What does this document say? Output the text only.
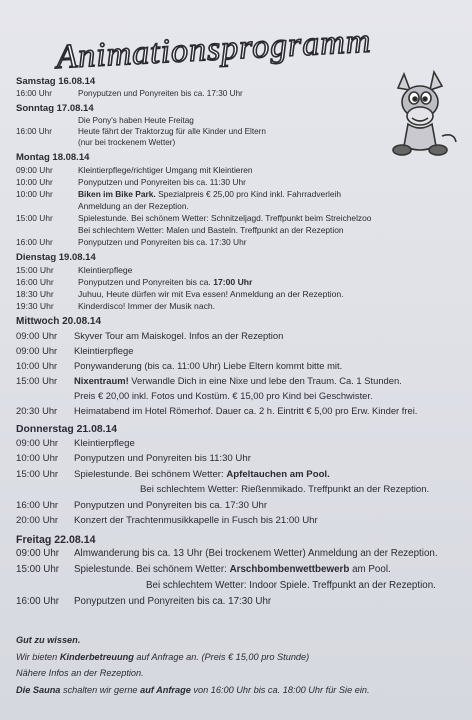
Animationsprogramm
Samstag 16.08.14
16:00 Uhr	Ponyputzen und Ponyreiten bis ca. 17:30 Uhr
Sonntag 17.08.14
Die Pony's haben Heute Freitag
16:00 Uhr	Heute fährt der Traktorzug für alle Kinder und Eltern
(nur bei trockenem Wetter)
Montag 18.08.14
09:00 Uhr	Kleintierpflege/richtiger Umgang mit Kleintieren
10:00 Uhr	Ponyputzen und Ponyreiten bis ca. 11:30 Uhr
10:00 Uhr	Biken im Bike Park. Spezialpreis € 25,00 pro Kind inkl. Fahrradverleih
Anmeldung an der Rezeption.
15:00 Uhr	Spielestunde. Bei schönem Wetter: Schnitzeljagd. Treffpunkt beim Streichelzoo
Bei schlechtem Wetter: Malen und Basteln. Treffpunkt an der Rezeption
16:00 Uhr	Ponyputzen und Ponyreiten bis ca. 17:30 Uhr
Dienstag 19.08.14
15:00 Uhr	Kleintierpflege
16:00 Uhr	Ponyputzen und Ponyreiten bis ca. 17:00 Uhr
18:30 Uhr	Juhuu, Heute dürfen wir mit Eva essen! Anmeldung an der Rezeption.
19:30 Uhr	Kinderdisco! Immer der Musik nach.
Mittwoch 20.08.14
09:00 Uhr	Skyver Tour am Maiskogel. Infos an der Rezeption
09:00 Uhr	Kleintierpflege
10:00 Uhr	Ponywanderung (bis ca. 11:00 Uhr) Liebe Eltern kommt bitte mit.
15:00 Uhr	Nixentraum! Verwandle Dich in eine Nixe und lebe den Traum. Ca. 1 Stunden.
Preis € 20,00 inkl. Fotos und Kostüm. € 15,00 pro Kind bei Geschwister.
20:30 Uhr	Heimatabend im Hotel Römerhof. Dauer ca. 2 h. Eintritt € 5,00 pro Erw. Kinder frei.
Donnerstag 21.08.14
09:00 Uhr	Kleintierpflege
10:00 Uhr	Ponyputzen und Ponyreiten bis 11:30 Uhr
15:00 Uhr	Spielestunde. Bei schönem Wetter: Apfeltauchen am Pool.
Bei schlechtem Wetter: Rießenmikado. Treffpunkt an der Rezeption.
16:00 Uhr	Ponyputzen und Ponyreiten bis ca. 17:30 Uhr
20:00 Uhr	Konzert der Trachtenmusikkapelle in Fusch bis 21:00 Uhr
Freitag 22.08.14
09:00 Uhr	Almwanderung bis ca. 13 Uhr (Bei trockenem Wetter) Anmeldung an der Rezeption.
15:00 Uhr	Spielestunde. Bei schönem Wetter: Arschbombenwettbewerb am Pool.
Bei schlechtem Wetter: Indoor Spiele. Treffpunkt an der Rezeption.
16:00 Uhr	Ponyputzen und Ponyreiten bis ca. 17:30 Uhr
Gut zu wissen.
Wir bieten Kinderbetreuung auf Anfrage an. (Preis € 15,00 pro Stunde)
Nähere Infos an der Rezeption.
Die Sauna schalten wir gerne auf Anfrage von 16:00 Uhr bis ca. 18:00 Uhr für Sie ein.
